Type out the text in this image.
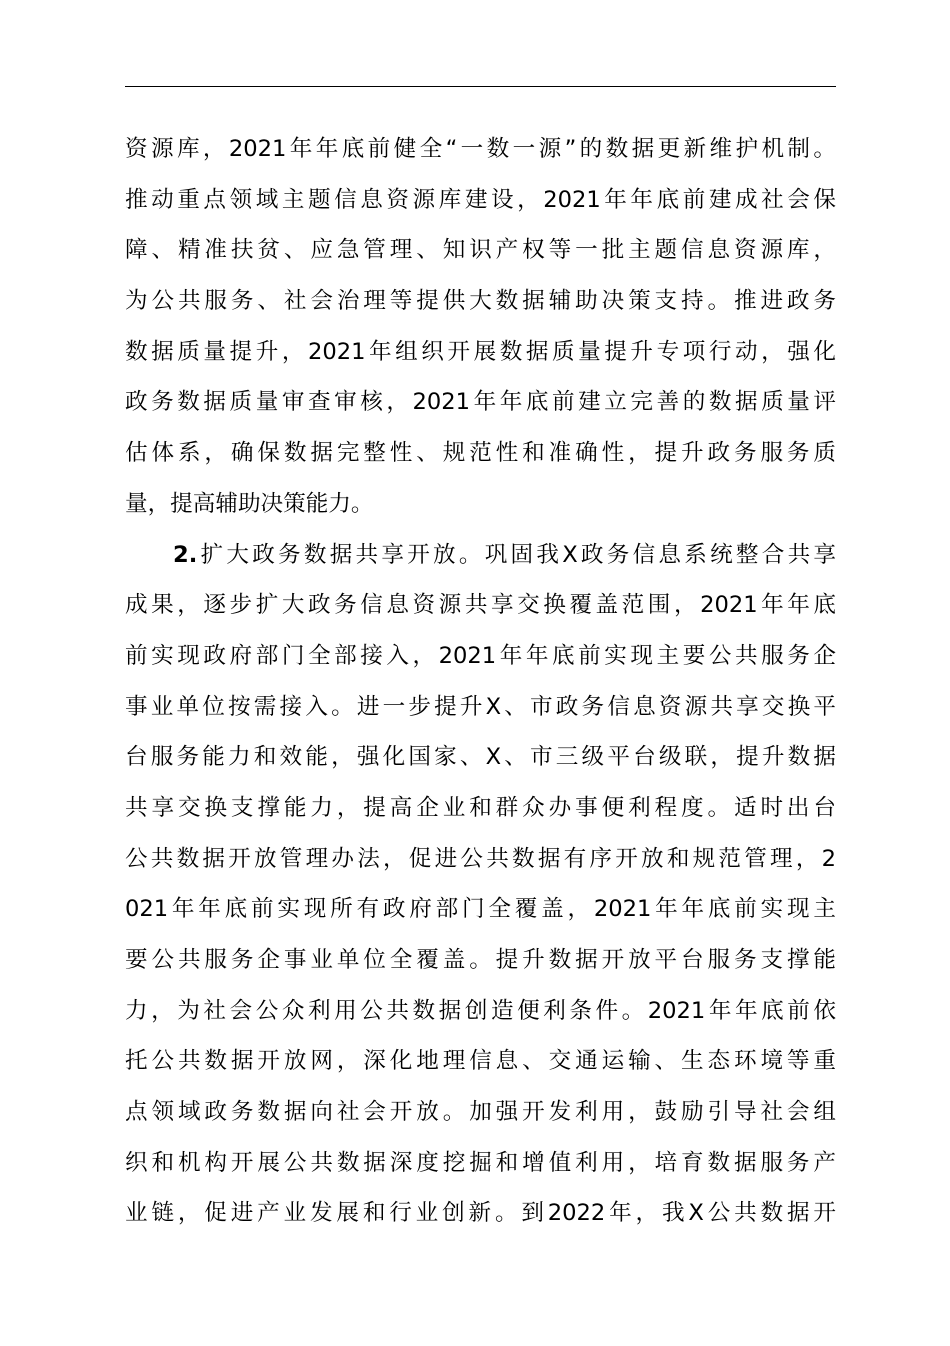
资源库，2021年年底前健全“一数一源”的数据更新维护机制。
推动重点领域主题信息资源库建设，2021年年底前建成社会保
障、精准扶贫、应急管理、知识产权等一批主题信息资源库，
为公共服务、社会治理等提供大数据辅助决策支持。推进政务
数据质量提升，2021年组织开展数据质量提升专项行动，强化
政务数据质量审查审核，2021年年底前建立完善的数据质量评
估体系，确保数据完整性、规范性和准确性，提升政务服务质
量，提高辅助决策能力。
2.扩大政务数据共享开放。巩固我X政务信息系统整合共享
成果，逐步扩大政务信息资源共享交换覆盖范围，2021年年底
前实现政府部门全部接入，2021年年底前实现主要公共服务企
事业单位按需接入。进一步提升X、市政务信息资源共享交换平
台服务能力和效能，强化国家、X、市三级平台级联，提升数据
共享交换支撑能力，提高企业和群众办事便利程度。适时出台
公共数据开放管理办法，促进公共数据有序开放和规范管理，2
021年年底前实现所有政府部门全覆盖，2021年年底前实现主
要公共服务企事业单位全覆盖。提升数据开放平台服务支撑能
力，为社会公众利用公共数据创造便利条件。2021年年底前依
托公共数据开放网，深化地理信息、交通运输、生态环境等重
点领域政务数据向社会开放。加强开发利用，鼓励引导社会组
织和机构开展公共数据深度挖掘和增值利用，培育数据服务产
业链，促进产业发展和行业创新。到2022年，我X公共数据开
